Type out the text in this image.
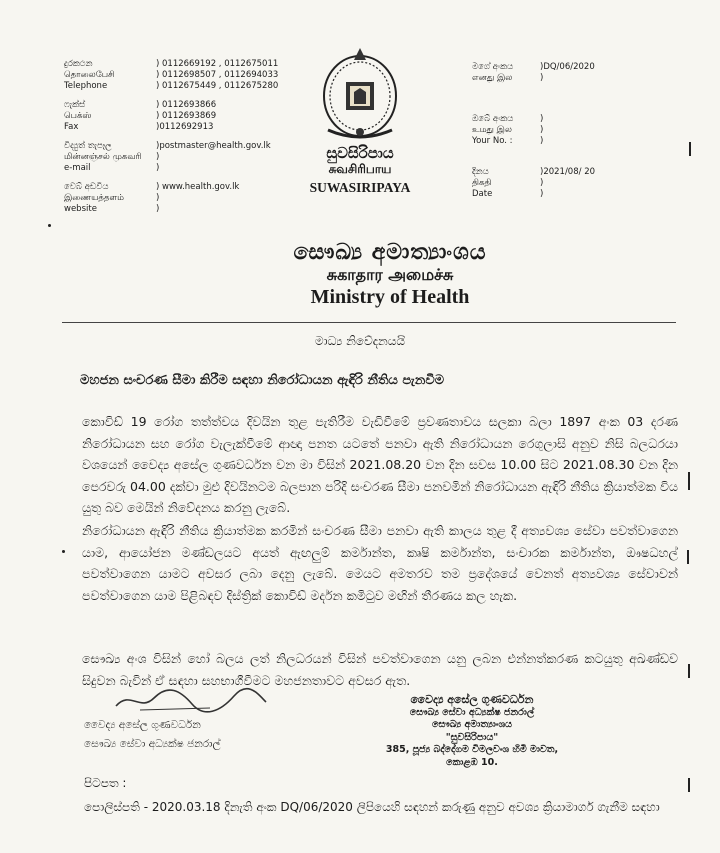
දුරකථන
தொலைபேசி
Telephone
) 0112669192 , 0112675011
) 0112698507 , 0112694033
) 0112675449 , 0112675280
ෆැක්ස්
பெக்ஸ்
Fax
) 0112693866
) 0112693869
)0112692913
විද්‍යුත් තැපෑල
மின்னஞ்சல் முகவரி
e-mail
)postmaster@health.gov.lk
)
)
වෙබ් අඩවිය
இணையத்தளம்
website
) www.health.gov.lk
)
)
සුවසිරිපාය
சுவசிரிபாய
SUWASIRIPAYA
මගේ අංකය
எனது இல
)DQ/06/2020
)
ඔබේ අංකය
உமது இல
Your No. :
)
)
)
දිනය
திகதி
Date
)2021/08/ 20
)
)
සෞඛ්‍ය අමාත්‍යාංශය
சுகாதார அமைச்சு
Ministry of Health
මාධ්‍ය නිවේදනයයි
මහජන සංචරණ සීමා කිරීම සඳහා නිරෝධායන ඇඳිරි නීතිය පැනවීම
කොවිඩ් 19 රෝග තත්ත්වය දිවයින තුළ පැතිරීම වැඩිවීමේ ප්‍රවණතාවය සලකා බලා 1897 අංක 03 දරණ නිරෝධායන සහ රෝග වැලැක්වීමේ ආඥා පනත යටතේ පනවා ඇති නිරෝධායන රෙගුලාසි අනුව නිසි බලධරයා වශයෙන් වෛද්‍ය අසේල ගුණවර්ධන වන මා විසින් 2021.08.20 වන දින සවස 10.00 සිට 2021.08.30 වන දින පෙරවරු 04.00 දක්වා මුළු දිවයිනටම බලපාන පරිදි සංචරණ සීමා පනවමින් නිරෝධායන ඇඳිරි නීතිය ක්‍රියාත්මක විය යුතු බව මෙයින් නිවේදනය කරනු ලැබේ.
නිරෝධායන ඇඳිරි නීතිය ක්‍රියාත්මක කරමින් සංචරණ සීමා පනවා ඇති කාලය තුළ දී අත්‍යවශ්‍ය සේවා පවත්වාගෙන යාම, ආයෝජන මණ්ඩලයට අයත් ඇඟලුම් කර්මාන්ත, කෘෂි කර්මාන්ත, සංචාරක කර්මාන්ත, ඖෂධහල් පවත්වාගෙන යාමට අවසර ලබා දෙනු ලැබේ. මෙයට අමතරව තම ප්‍රදේශයේ වෙනත් අත්‍යවශ්‍ය සේවාවන් පවත්වාගෙන යාම පිළිබඳව දිස්ත්‍රික් කොවිඩ් මර්දන කමිටුව මඟින් තීරණය කල හැක.
සෞඛ්‍ය අංශ විසින් හෝ බලය ලත් නිලධරයන් විසින් පවත්වාගෙන යනු ලබන එන්නත්කරණ කටයුතු අඛණ්ඩව සිදුවන බැවින් ඒ සඳහා සහභාගීවීමට මහජනතාවට අවසර ඇත.
වෛද්‍ය අසේල ගුණවර්ධන
සෞඛ්‍ය සේවා අධ්‍යක්ෂ ජනරාල්
සෞඛ්‍ය අමාත්‍යාංශය
"සුවසිරිපාය"
385, පූජ්‍ය බද්දේගම විමලවංශ හිමි මාවත,
කොළඹ 10.
වෛද්‍ය අසේල ගුණවර්ධන
සෞඛ්‍ය සේවා අධ්‍යක්ෂ ජනරාල්
පිටපත :
පොලිස්පති - 2020.03.18 දිනැති අංක DQ/06/2020 ලිපියෙහි සඳහන් කරුණු අනුව අවශ්‍ය ක්‍රියාමාර්ග ගැනීම සඳහා
